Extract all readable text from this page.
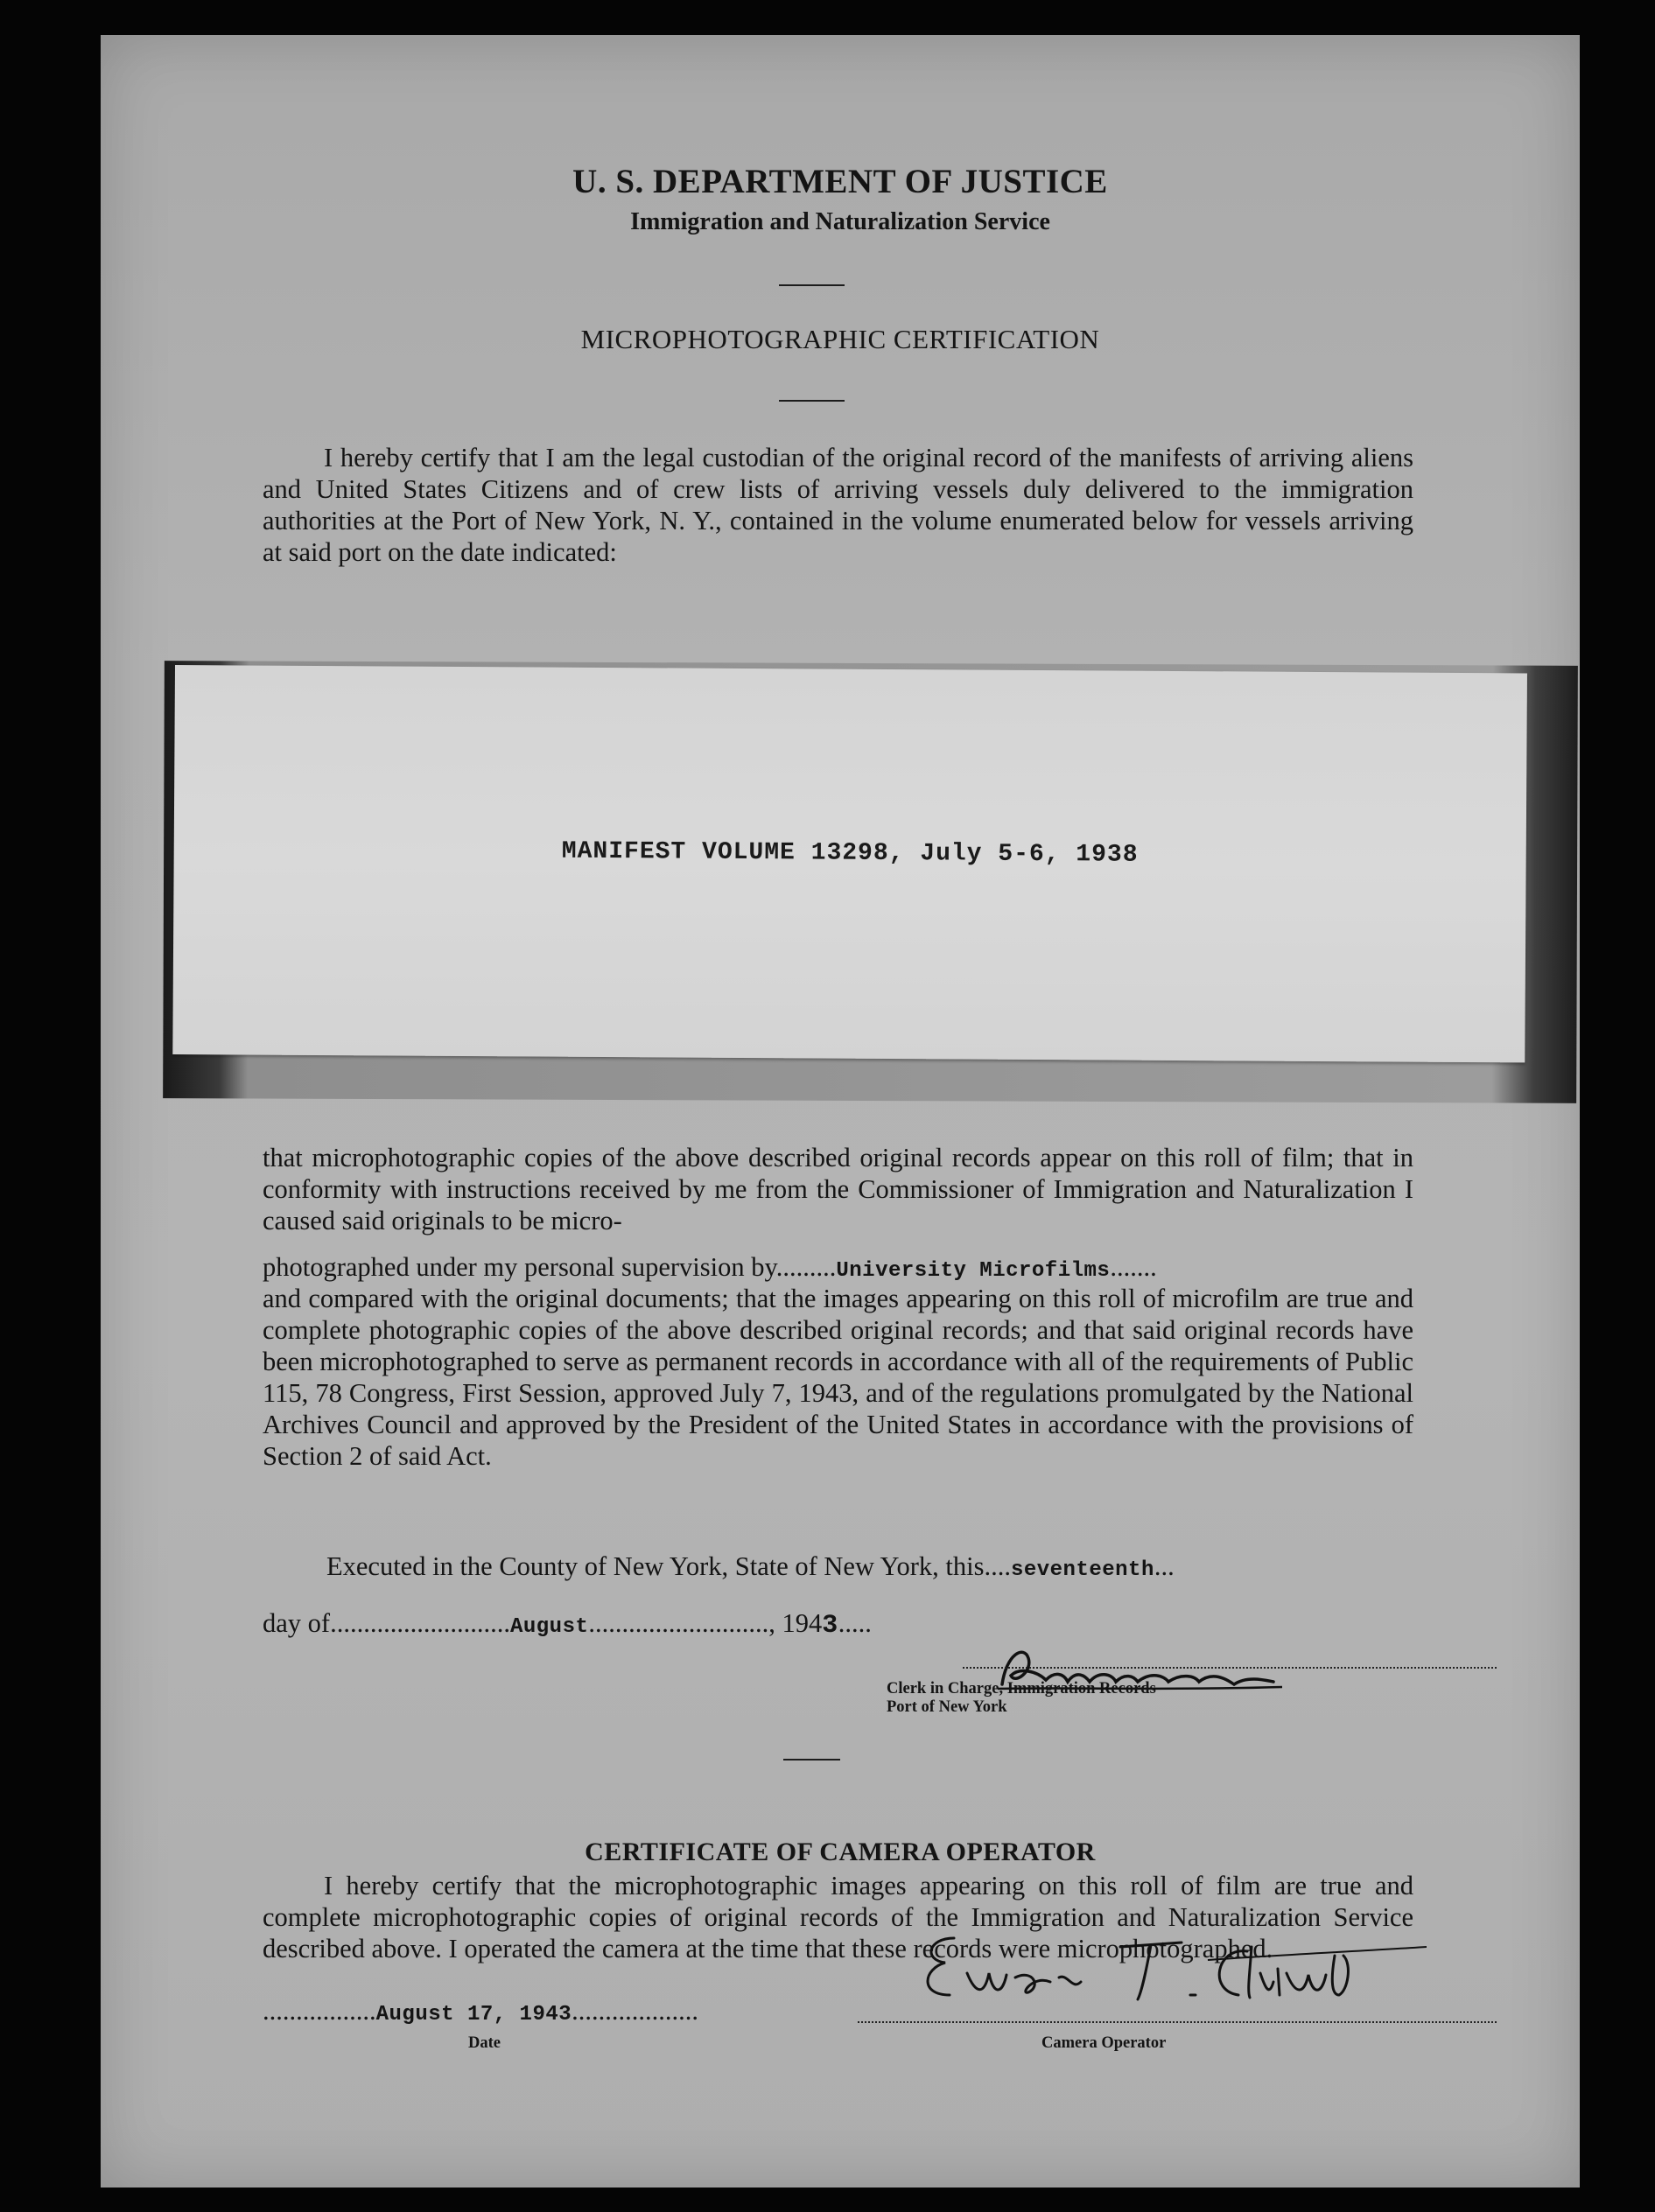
U. S. DEPARTMENT OF JUSTICE
Immigration and Naturalization Service
MICROPHOTOGRAPHIC CERTIFICATION
I hereby certify that I am the legal custodian of the original record of the manifests of arriving aliens and United States Citizens and of crew lists of arriving vessels duly delivered to the immigration authorities at the Port of New York, N. Y., contained in the volume enumerated below for vessels arriving at said port on the date indicated:
MANIFEST VOLUME 13298, July 5-6, 1938
that microphotographic copies of the above described original records appear on this roll of film; that in conformity with instructions received by me from the Commissioner of Immigration and Naturalization I caused said originals to be micro-
photographed under my personal supervision by.........University Microfilms.......
and compared with the original documents; that the images appearing on this roll of microfilm are true and complete photographic copies of the above described original records; and that said original records have been microphotographed to serve as permanent records in accordance with all of the requirements of Public 115, 78 Congress, First Session, approved July 7, 1943, and of the regulations promulgated by the National Archives Council and approved by the President of the United States in accordance with the provisions of Section 2 of said Act.
Executed in the County of New York, State of New York, this....seventeenth...
day of...........................August..........................., 1943.....
Clerk in Charge, Immigration Records
Port of New York
CERTIFICATE OF CAMERA OPERATOR
I hereby certify that the microphotographic images appearing on this roll of film are true and complete microphotographic copies of original records of the Immigration and Naturalization Service described above. I operated the camera at the time that these records were microphotographed.
.................August 17, 1943...................
Date	Camera Operator
